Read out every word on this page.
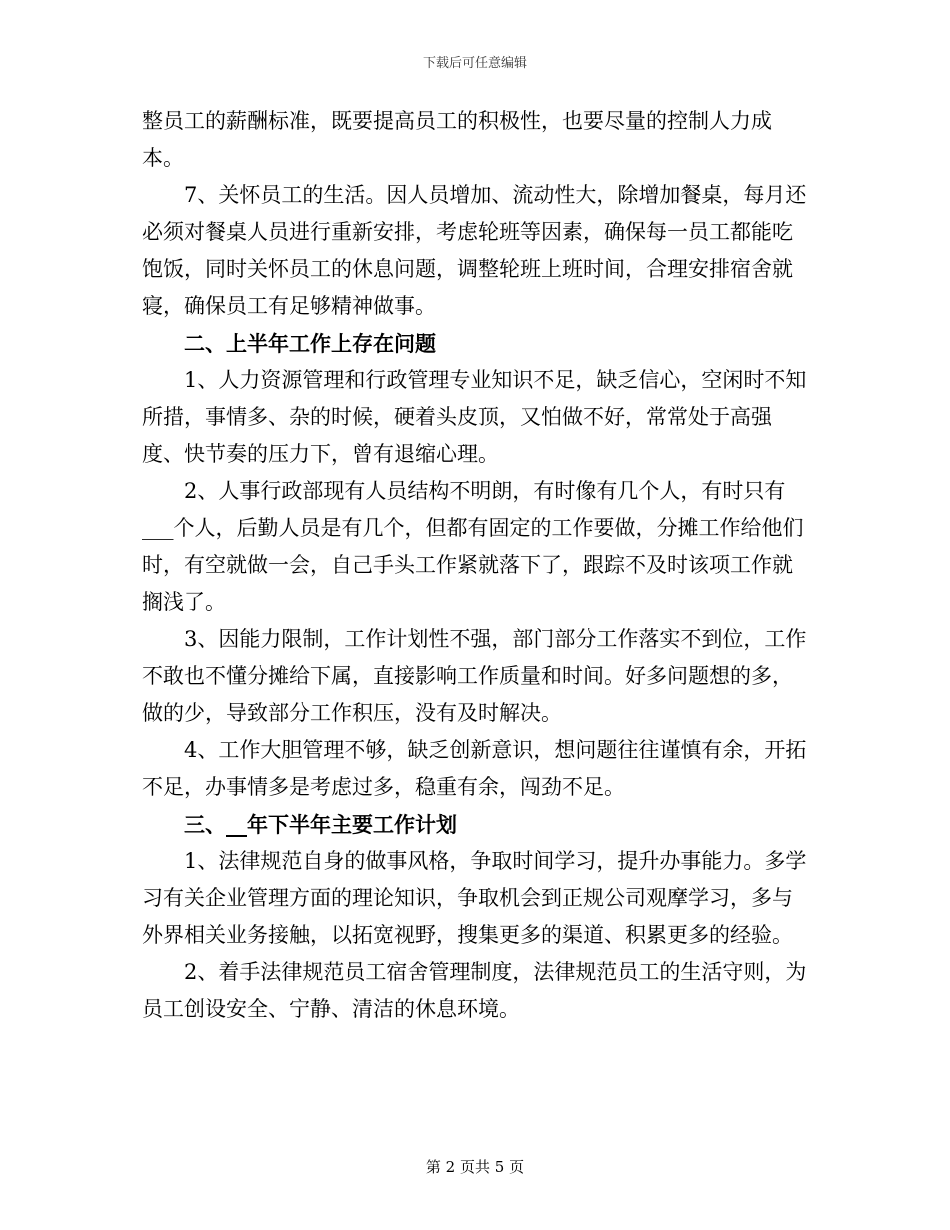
下载后可任意编辑

整员工的薪酬标准，既要提高员工的积极性，也要尽量的控制人力成本。

7、关怀员工的生活。因人员增加、流动性大，除增加餐桌，每月还必须对餐桌人员进行重新安排，考虑轮班等因素，确保每一员工都能吃饱饭，同时关怀员工的休息问题，调整轮班上班时间，合理安排宿舍就寝，确保员工有足够精神做事。

二、上半年工作上存在问题

1、人力资源管理和行政管理专业知识不足，缺乏信心，空闲时不知所措，事情多、杂的时候，硬着头皮顶，又怕做不好，常常处于高强度、快节奏的压力下，曾有退缩心理。

2、人事行政部现有人员结构不明朗，有时像有几个人，有时只有___个人，后勤人员是有几个，但都有固定的工作要做，分摊工作给他们时，有空就做一会，自己手头工作紧就落下了，跟踪不及时该项工作就搁浅了。

3、因能力限制，工作计划性不强，部门部分工作落实不到位，工作不敢也不懂分摊给下属，直接影响工作质量和时间。好多问题想的多，做的少，导致部分工作积压，没有及时解决。

4、工作大胆管理不够，缺乏创新意识，想问题往往谨慎有余，开拓不足，办事情多是考虑过多，稳重有余，闯劲不足。

三、__年下半年主要工作计划

1、法律规范自身的做事风格，争取时间学习，提升办事能力。多学习有关企业管理方面的理论知识，争取机会到正规公司观摩学习，多与外界相关业务接触，以拓宽视野，搜集更多的渠道、积累更多的经验。

2、着手法律规范员工宿舍管理制度，法律规范员工的生活守则，为员工创设安全、宁静、清洁的休息环境。

第 2 页共 5 页
